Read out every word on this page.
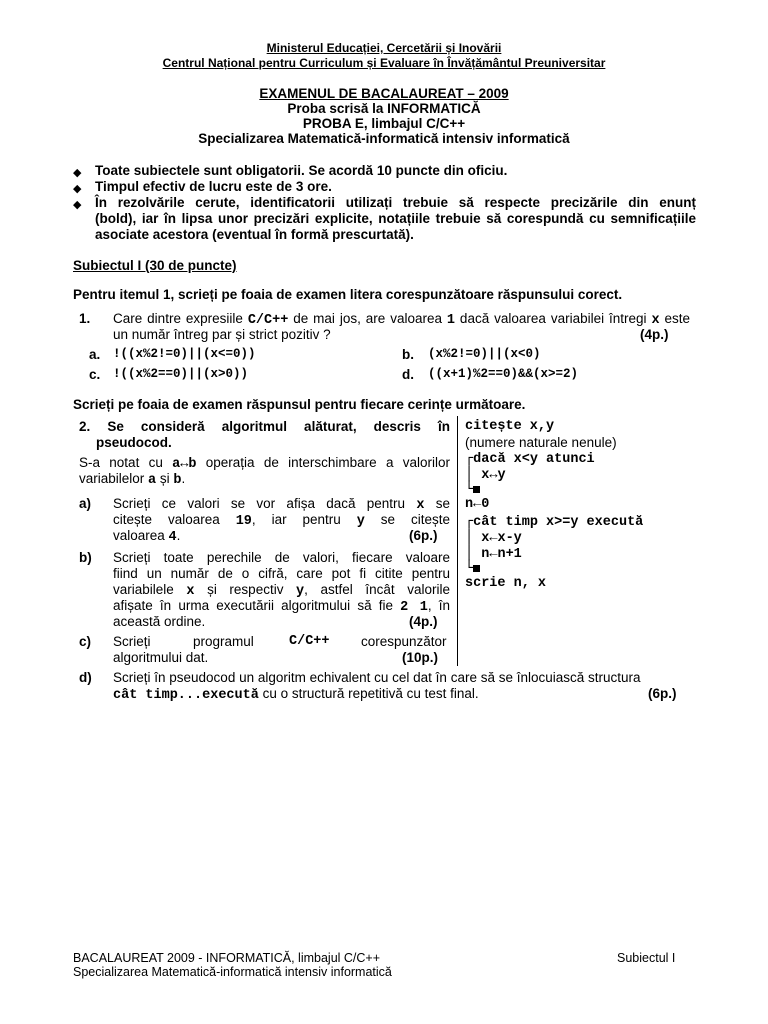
Ministerul Educației, Cercetării și Inovării
Centrul Național pentru Curriculum și Evaluare în Învățământul Preuniversitar
EXAMENUL DE BACALAUREAT – 2009
Proba scrisă la INFORMATICĂ
PROBA E, limbajul C/C++
Specializarea Matematică-informatică intensiv informatică
◆ Toate subiectele sunt obligatorii. Se acordă 10 puncte din oficiu.
◆ Timpul efectiv de lucru este de 3 ore.
◆ În rezolvările cerute, identificatorii utilizați trebuie să respecte precizările din enunț
(bold), iar în lipsa unor precizări explicite, notațiile trebuie să corespundă cu semnificațiile
asociate acestora (eventual în formă prescurtată).
Subiectul I (30 de puncte)
Pentru itemul 1, scrieți pe foaia de examen litera corespunzătoare răspunsului corect.
1. Care dintre expresiile C/C++ de mai jos, are valoarea 1 dacă valoarea variabilei întregi x este
un număr întreg par și strict pozitiv ?	(4p.)
a. !((x%2!=0)||(x<=0))	b. (x%2!=0)||(x<0)
c. !((x%2==0)||(x>0))	d. ((x+1)%2==0)&&(x>=2)
Scrieți pe foaia de examen răspunsul pentru fiecare cerințe următoare.
2. Se consideră algoritmul alăturat, descris în
pseudocod.
S-a notat cu a↔b operația de interschimbare a valorilor
variabilelor a și b.
a) Scrieți ce valori se vor afișa dacă pentru x se
citește valoarea 19, iar pentru y se citește
valoarea 4.	(6p.)
b) Scrieți toate perechile de valori, fiecare valoare
fiind un număr de o cifră, care pot fi citite pentru
variabilele x și respectiv y, astfel încât valorile
afișate în urma executării algoritmului să fie 2 1, în
această ordine.	(4p.)
c) Scrieți	programul	C/C++ corespunzător
algoritmului dat.	(10p.)
citește x,y
(numere naturale nenule)
┌dacă x<y atunci
│ x↔y
└
n←0
┌cât timp x>=y execută
│ x←x-y
│ n←n+1
└
scrie n, x
d) Scrieți în pseudocod un algoritm echivalent cu cel dat în care să se înlocuiască structura
cât timp...execută cu o structură repetitivă cu test final.	(6p.)
BACALAUREAT 2009 - INFORMATICĂ, limbajul C/C++
Specializarea Matematică-informatică intensiv informatică
Subiectul I
